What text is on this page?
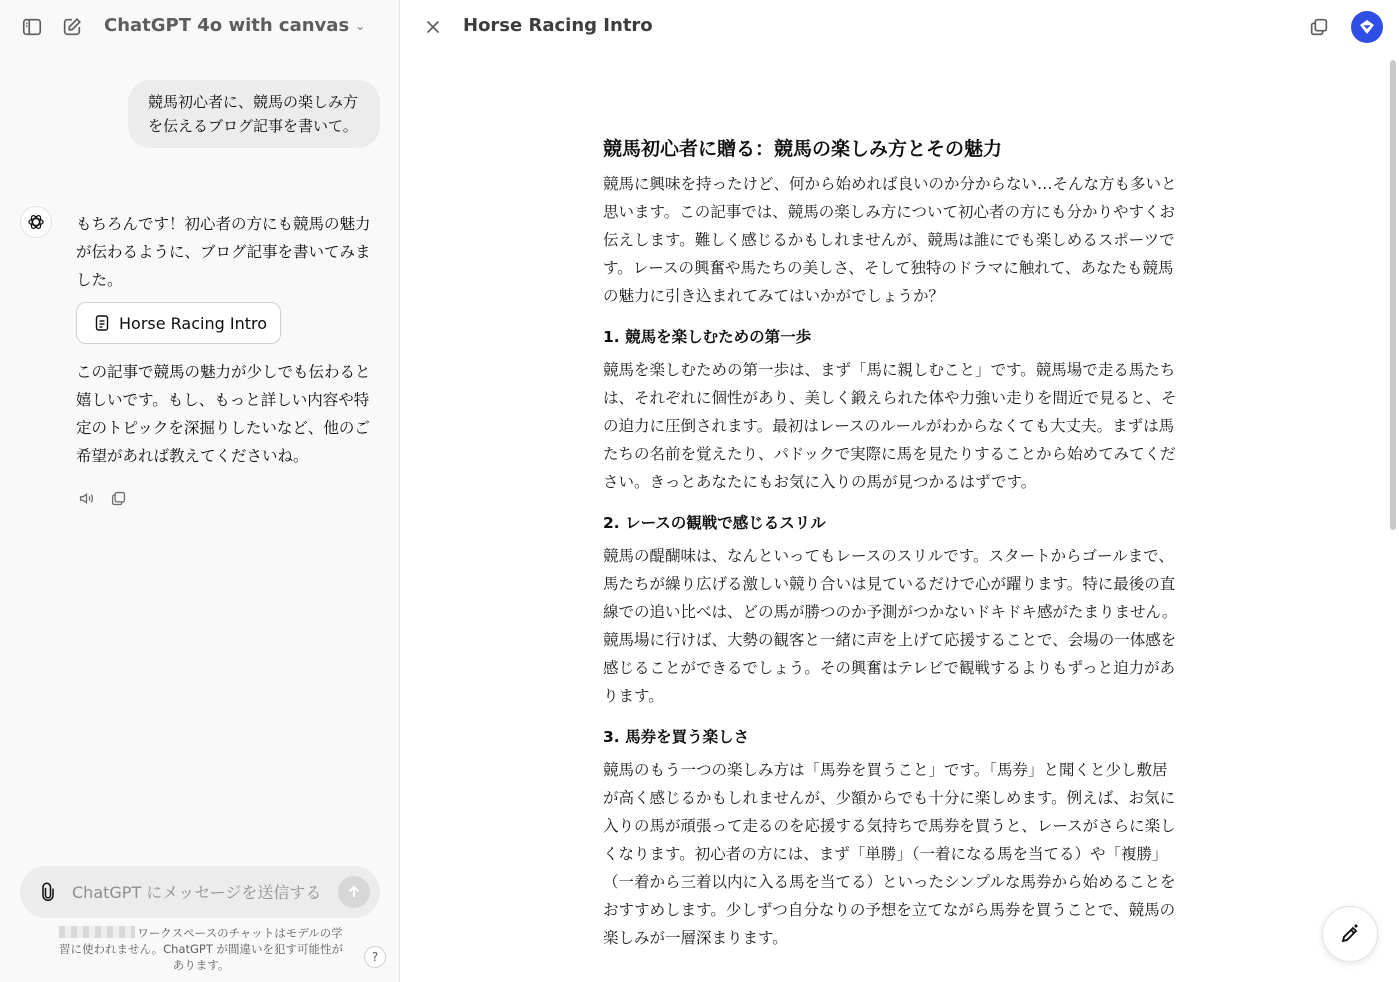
ChatGPT 4o with canvas ⌄
競馬初心者に、競馬の楽しみ方を伝えるブログ記事を書いて。
もちろんです！初心者の方にも競馬の魅力が伝わるように、ブログ記事を書いてみました。
Horse Racing Intro
この記事で競馬の魅力が少しでも伝わると嬉しいです。もし、もっと詳しい内容や特定のトピックを深掘りしたいなど、他のご希望があれば教えてくださいね。
ChatGPT にメッセージを送信する
ワークスペースのチャットはモデルの学習に使われません。ChatGPT が間違いを犯す可能性があります。
?
Horse Racing Intro
競馬初心者に贈る：競馬の楽しみ方とその魅力

競馬に興味を持ったけど、何から始めれば良いのか分からない…そんな方も多いと思います。この記事では、競馬の楽しみ方について初心者の方にも分かりやすくお伝えします。難しく感じるかもしれませんが、競馬は誰にでも楽しめるスポーツです。レースの興奮や馬たちの美しさ、そして独特のドラマに触れて、あなたも競馬の魅力に引き込まれてみてはいかがでしょうか？

1. 競馬を楽しむための第一歩

競馬を楽しむための第一歩は、まず「馬に親しむこと」です。競馬場で走る馬たちは、それぞれに個性があり、美しく鍛えられた体や力強い走りを間近で見ると、その迫力に圧倒されます。最初はレースのルールがわからなくても大丈夫。まずは馬たちの名前を覚えたり、パドックで実際に馬を見たりすることから始めてみてください。きっとあなたにもお気に入りの馬が見つかるはずです。

2. レースの観戦で感じるスリル

競馬の醍醐味は、なんといってもレースのスリルです。スタートからゴールまで、馬たちが繰り広げる激しい競り合いは見ているだけで心が躍ります。特に最後の直線での追い比べは、どの馬が勝つのか予測がつかないドキドキ感がたまりません。競馬場に行けば、大勢の観客と一緒に声を上げて応援することで、会場の一体感を感じることができるでしょう。その興奮はテレビで観戦するよりもずっと迫力があります。

3. 馬券を買う楽しさ

競馬のもう一つの楽しみ方は「馬券を買うこと」です。「馬券」と聞くと少し敷居が高く感じるかもしれませんが、少額からでも十分に楽しめます。例えば、お気に入りの馬が頑張って走るのを応援する気持ちで馬券を買うと、レースがさらに楽しくなります。初心者の方には、まず「単勝」（一着になる馬を当てる）や「複勝」（一着から三着以内に入る馬を当てる）といったシンプルな馬券から始めることをおすすめします。少しずつ自分なりの予想を立てながら馬券を買うことで、競馬の楽しみが一層深まります。
